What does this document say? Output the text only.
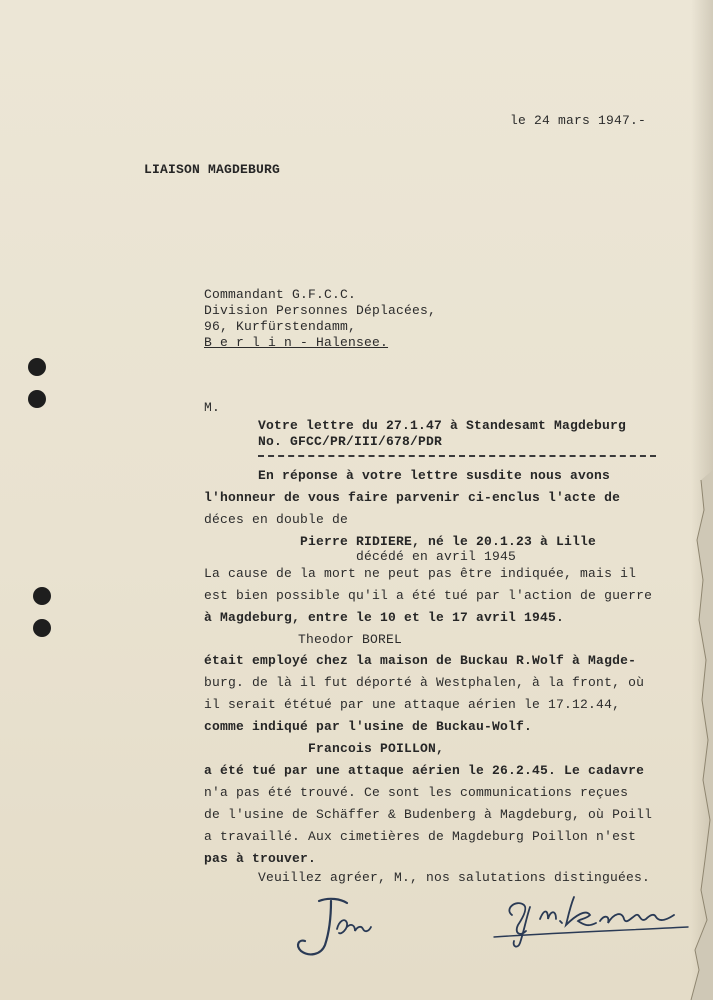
le 24 mars 1947.-

LIAISON MAGDEBURG

Commandant G.F.C.C.

Division Personnes Déplacées,

96, Kurfürstendamm,

B e r l i n - Halensee.

M.

Votre lettre du 27.1.47 à Standesamt Magdeburg

No. GFCC/PR/III/678/PDR

En réponse à votre lettre susdite nous avons

l'honneur de vous faire parvenir ci-enclus l'acte de

déces en double de

Pierre RIDIERE, né le 20.1.23 à Lille

décédé en avril 1945

La cause de la mort ne peut pas être indiquée, mais il

est bien possible qu'il a été tué par l'action de guerre

à Magdeburg, entre le 10 et le 17 avril 1945.

Theodor BOREL

était employé chez la maison de Buckau R.Wolf à Magde-

burg. de là il fut déporté à Westphalen, à la front, où

il serait ététué par une attaque aérien le 17.12.44,

comme indiqué par l'usine de Buckau-Wolf.

Francois POILLON,

a été tué par une attaque aérien le 26.2.45. Le cadavre

n'a pas été trouvé. Ce sont les communications reçues

de l'usine de Schäffer & Budenberg à Magdeburg, où Poill

a travaillé. Aux cimetières de Magdeburg Poillon n'est

pas à trouver.

Veuillez agréer, M., nos salutations distinguées.
